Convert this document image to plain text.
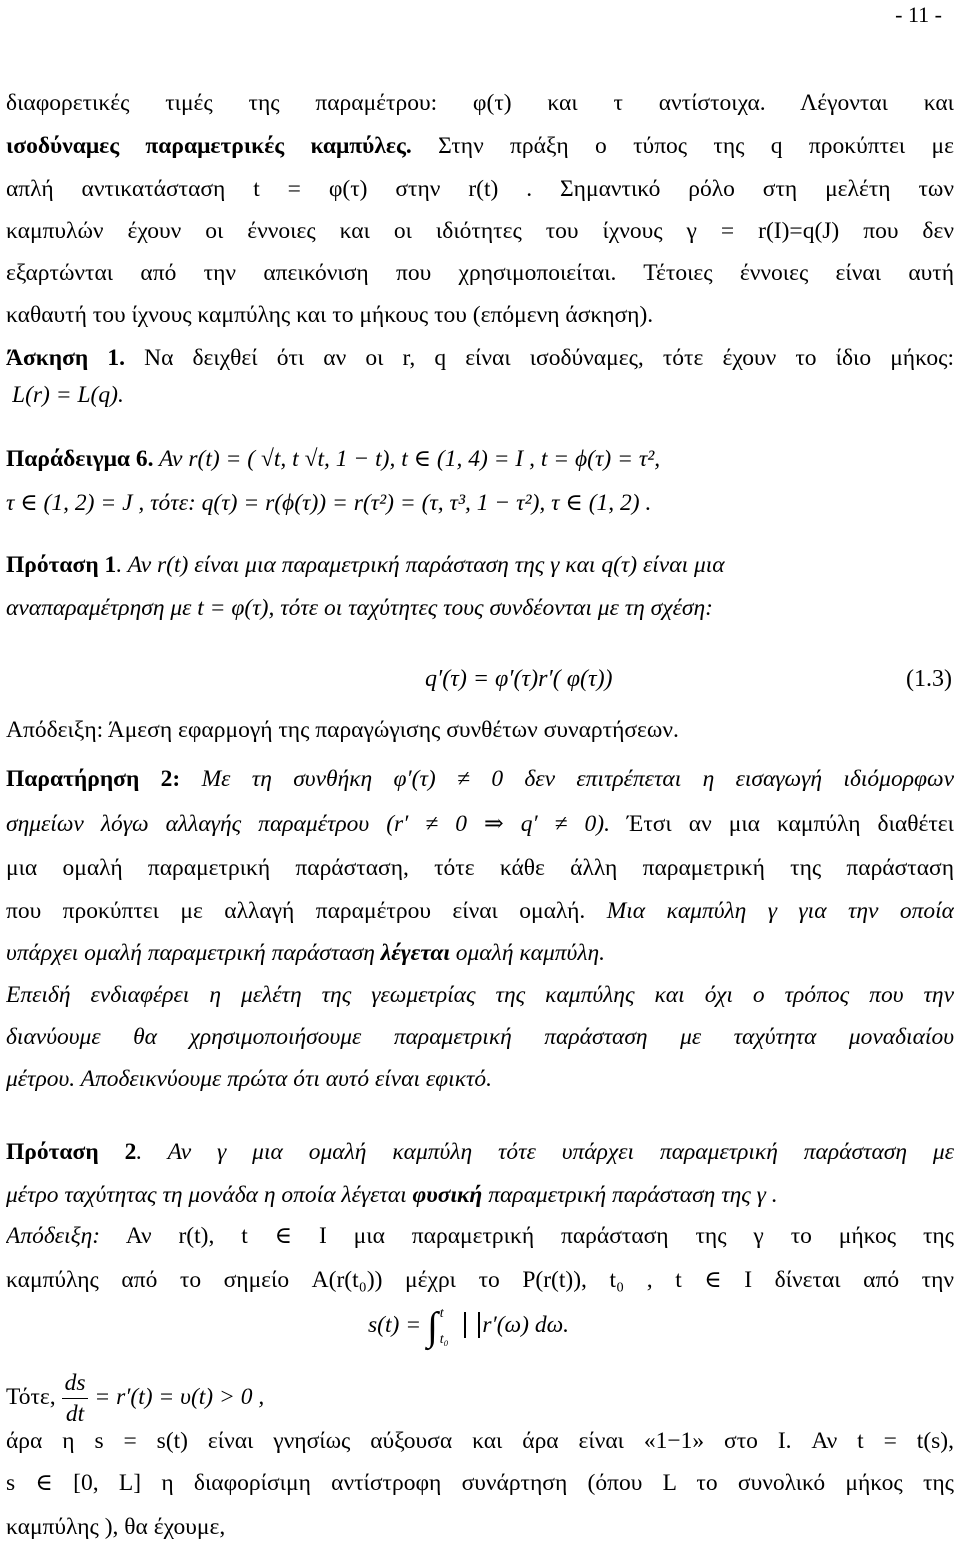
- 11 -
διαφορετικές τιμές της παραμέτρου: φ(τ) και τ αντίστοιχα. Λέγονται και
ισοδύναμες παραμετρικές καμπύλες. Στην πράξη ο τύπος της q προκύπτει με
απλή αντικατάσταση t = φ(τ) στην r(t) . Σημαντικό ρόλο στη μελέτη των
καμπυλών έχουν οι έννοιες και οι ιδιότητες του ίχνους γ = r(I)=q(J) που δεν
εξαρτώνται από την απεικόνιση που χρησιμοποιείται. Τέτοιες έννοιες είναι αυτή
καθαυτή του ίχνους καμπύλης και το μήκους του (επόμενη άσκηση).
Άσκηση 1. Να δειχθεί ότι αν οι r, q είναι ισοδύναμες, τότε έχουν το ίδιο μήκος:
L(r) = L(q).
Παράδειγμα 6. Αν r(t) = ( √t, t √t, 1 − t), t ∈ (1, 4) = I , t = ϕ(τ) = τ²,
τ ∈ (1, 2) = J , τότε: q(τ) = r(ϕ(τ)) = r(τ²) = (τ, τ³, 1 − τ²), τ ∈ (1, 2) .
Πρόταση 1. Αν r(t) είναι μια παραμετρική παράσταση της γ και q(τ) είναι μια
αναπαραμέτρηση με t = φ(τ), τότε οι ταχύτητες τους συνδέονται με τη σχέση:
q′(τ) = φ′(τ)r′( φ(τ))	(1.3)
Απόδειξη: Άμεση εφαρμογή της παραγώγισης συνθέτων συναρτήσεων.
Παρατήρηση 2: Με τη συνθήκη φ′(τ) ≠ 0 δεν επιτρέπεται η εισαγωγή ιδιόμορφων
σημείων λόγω αλλαγής παραμέτρου (r′ ≠ 0 ⇒ q′ ≠ 0). Έτσι αν μια καμπύλη διαθέτει
μια ομαλή παραμετρική παράσταση, τότε κάθε άλλη παραμετρική της παράσταση
που προκύπτει με αλλαγή παραμέτρου είναι ομαλή. Μια καμπύλη γ για την οποία
υπάρχει ομαλή παραμετρική παράσταση λέγεται ομαλή καμπύλη.
Επειδή ενδιαφέρει η μελέτη της γεωμετρίας της καμπύλης και όχι ο τρόπος που την
διανύουμε θα χρησιμοποιήσουμε παραμετρική παράσταση με ταχύτητα μοναδιαίου
μέτρου. Αποδεικνύουμε πρώτα ότι αυτό είναι εφικτό.
Πρόταση 2. Αν γ μια ομαλή καμπύλη τότε υπάρχει παραμετρική παράσταση με
μέτρο ταχύτητας τη μονάδα η οποία λέγεται φυσική παραμετρική παράσταση της γ .
Απόδειξη: Αν r(t), t ∈ I μια παραμετρική παράσταση της γ το μήκος της
καμπύλης από το σημείο A(r(t₀)) μέχρι το P(r(t)), t₀ , t ∈ I δίνεται από την
s(t) = ∫ t
t₀
r′(ω) dω.
Τότε, $\frac{ds}{dt} = r'(t) = \upsilon(t) > 0$ ,
άρα η s = s(t) είναι γνησίως αύξουσα και άρα είναι «1−1» στο I. Αν t = t(s),
s ∈ [0, L] η διαφορίσιμη αντίστροφη συνάρτηση (όπου L το συνολικό μήκος της
καμπύλης ), θα έχουμε,
